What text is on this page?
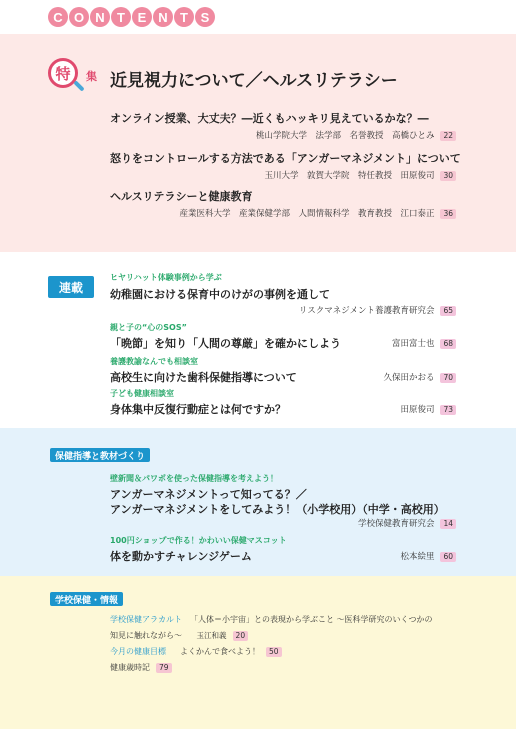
C O N T E N T S
特	集 近見視力について／ヘルスリテラシー
オンライン授業、大丈夫？―近くもハッキリ見えているかな？―
桃山学院大学　法学部　名誉教授　高橋ひとみ 22
怒りをコントロールする方法である「アンガーマネジメント」について
玉川大学　敦賀大学院　特任教授　田原俊司 30
ヘルスリテラシーと健康教育
産業医科大学　産業保健学部　人間情報科学　教育教授　江口泰正 36
連載
ヒヤリハット体験事例から学ぶ
幼稚園における保育中のけがの事例を通して
リスクマネジメント養護教育研究会 65
親と子の“心のSOS”
「晩節」を知り「人間の尊厳」を確かにしよう	富田富士也 68
養護教諭なんでも相談室
高校生に向けた歯科保健指導について	久保田かおる 70
子ども健康相談室
身体集中反復行動症とは何ですか？	田原俊司 73
保健指導と教材づくり
壁新聞＆パワポを使った保健指導を考えよう！
アンガーマネジメントって知ってる？／
アンガーマネジメントをしてみよう！（小学校用）（中学・高校用）
学校保健教育研究会 14
100円ショップで作る！かわいい保健マスコット
体を動かすチャレンジゲーム	松本絵里 60
学校保健・情報
学校保健アラカルト 「人体＝小宇宙」との表現から学ぶこと ～医科学研究のいくつかの
知見に触れながら～ 玉江和義 20
今月の健康目標 よくかんで食べよう！ 50
健康歳時記 79
